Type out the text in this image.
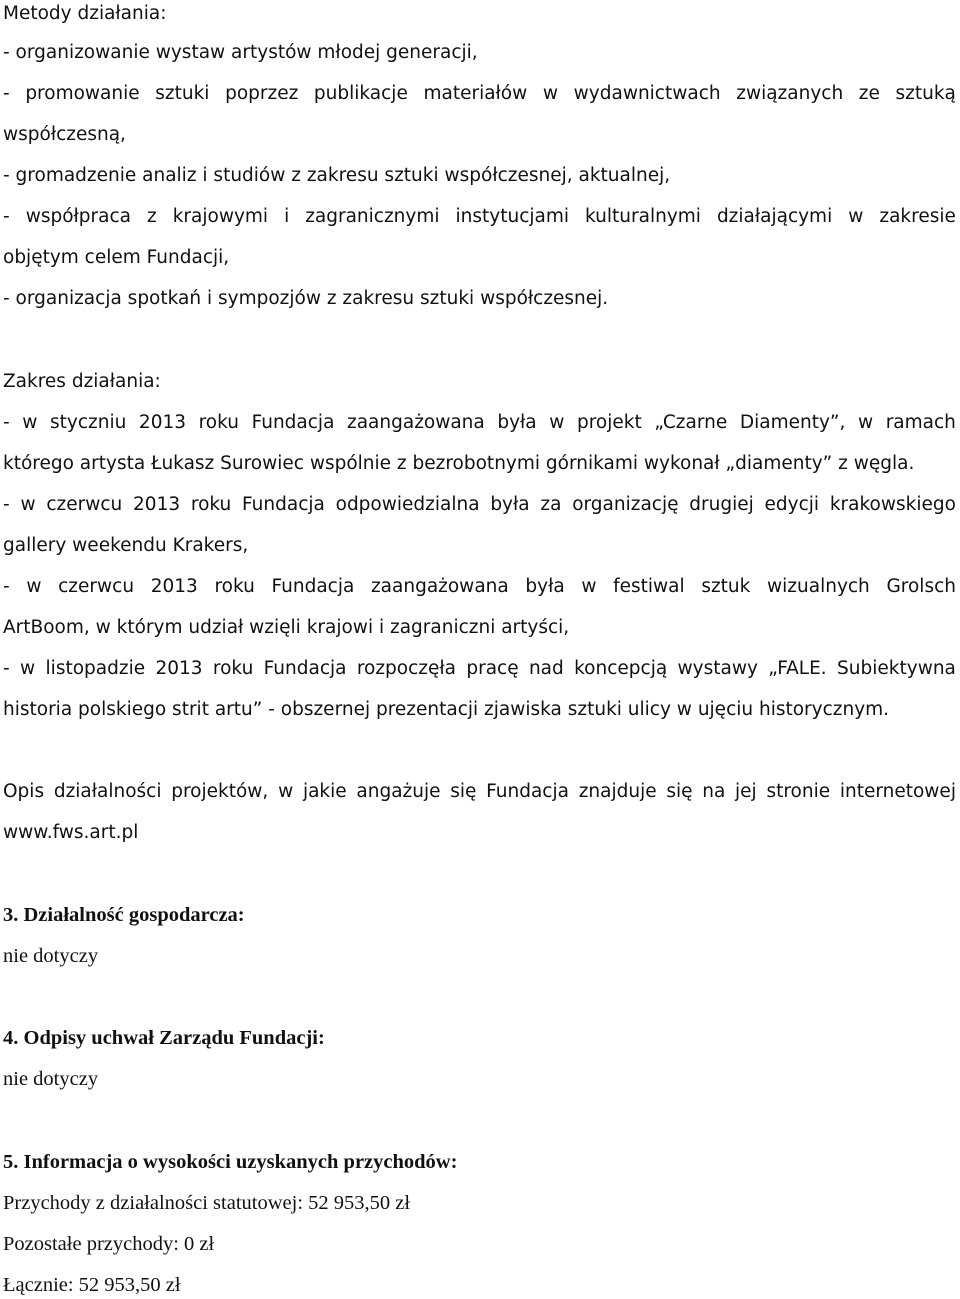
Metody działania:
- organizowanie wystaw artystów młodej generacji,
- promowanie sztuki poprzez publikacje materiałów w wydawnictwach związanych ze sztuką
współczesną,
- gromadzenie analiz i studiów z zakresu sztuki współczesnej, aktualnej,
- współpraca z krajowymi i zagranicznymi instytucjami kulturalnymi działającymi w zakresie
objętym celem Fundacji,
- organizacja spotkań i sympozjów z zakresu sztuki współczesnej.
Zakres działania:
- w styczniu 2013 roku Fundacja zaangażowana była w projekt „Czarne Diamenty”, w ramach
którego artysta Łukasz Surowiec wspólnie z bezrobotnymi górnikami wykonał „diamenty” z węgla.
- w czerwcu 2013 roku Fundacja odpowiedzialna była za organizację drugiej edycji krakowskiego
gallery weekendu Krakers,
- w czerwcu 2013 roku Fundacja zaangażowana była w festiwal sztuk wizualnych Grolsch
ArtBoom, w którym udział wzięli krajowi i zagraniczni artyści,
- w listopadzie 2013 roku Fundacja rozpoczęła pracę nad koncepcją wystawy „FALE. Subiektywna
historia polskiego strit artu” - obszernej prezentacji zjawiska sztuki ulicy w ujęciu historycznym.
Opis działalności projektów, w jakie angażuje się Fundacja znajduje się na jej stronie internetowej
www.fws.art.pl
3. Działalność gospodarcza:
nie dotyczy
4. Odpisy uchwał Zarządu Fundacji:
nie dotyczy
5. Informacja o wysokości uzyskanych przychodów:
Przychody z działalności statutowej: 52 953,50 zł
Pozostałe przychody: 0 zł
Łącznie: 52 953,50 zł
